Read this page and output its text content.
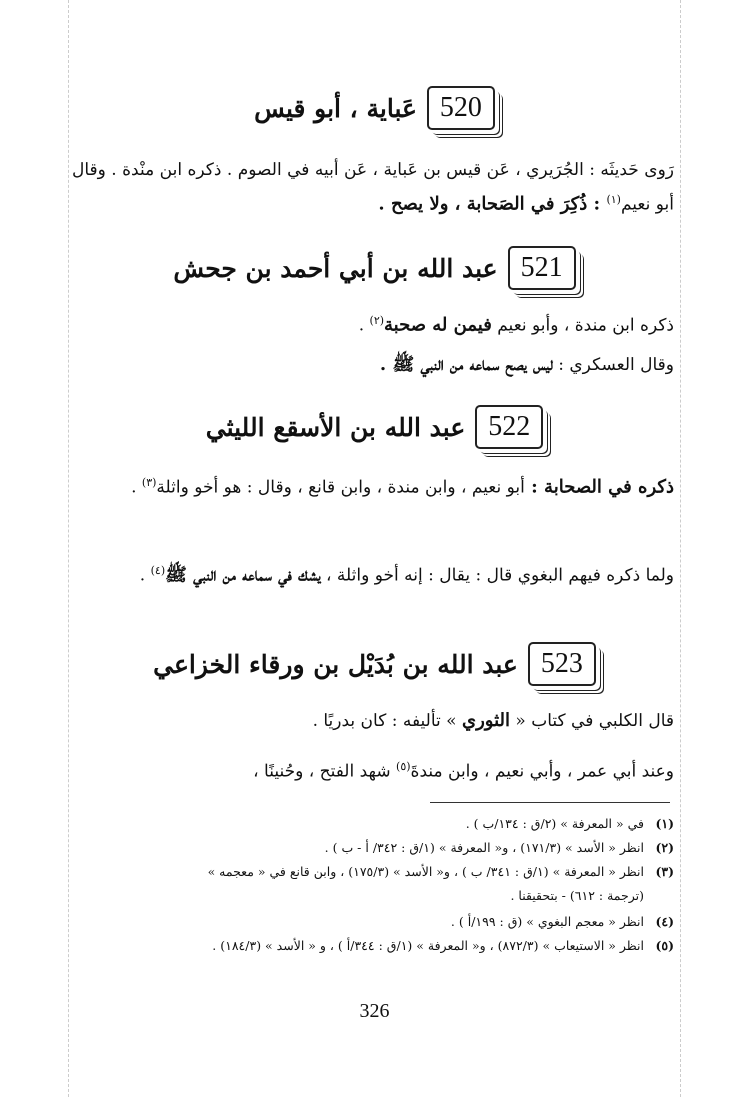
520
عَباية ، أبو قيس
رَوى حَديثَه : الجُرَيري ، عَن قيس بن عَباية ، عَن أبيه في الصوم . ذكره ابن منْدة . وقال أبو نعيم$^{(١)}$ : ذُكِرَ في الصَحابة ، ولا يصح .
521
عبد الله بن أبي أحمد بن جحش
ذكره ابن مندة ، وأبو نعيم فيمن له صحبة$^{(٢)}$ .
وقال العسكري : ليس يصح سماعه من النبي ﷺ .
522
عبد الله بن الأسقع الليثي
ذكره في الصحابة : أبو نعيم ، وابن مندة ، وابن قانع ، وقال : هو أخو واثلة$^{(٣)}$ .
ولما ذكره فيهم البغوي قال : يقال : إنه أخو واثلة ، يشك في سماعه من النبي ﷺ$^{(٤)}$ .
523
عبد الله بن بُدَيْل بن ورقاء الخزاعي
قال الكلبي في كتاب « الثوري » تأليفه : كان بدريًا .
وعند أبي عمر ، وأبي نعيم ، وابن مندةَ$^{(٥)}$ شهد الفتح ، وحُنينًا ،
(١)في « المعرفة » (٢/ق : ١٣٤/ب ) .
(٢)انظر « الأسد » (١٧١/٣) ، و« المعرفة » (١/ق : ٣٤٢/ أ - ب ) .
(٣)انظر « المعرفة » (١/ق : ٣٤١/ ب ) ، و« الأسد » (١٧٥/٣) ، وابن قانع في « معجمه »
(ترجمة : ٦١٢) - بتحقيقنا .
(٤)انظر « معجم البغوي » (ق : ١٩٩/أ ) .
(٥)انظر « الاستيعاب » (٨٧٢/٣) ، و« المعرفة » (١/ق : ٣٤٤/أ ) ، و « الأسد » (١٨٤/٣) .
326
